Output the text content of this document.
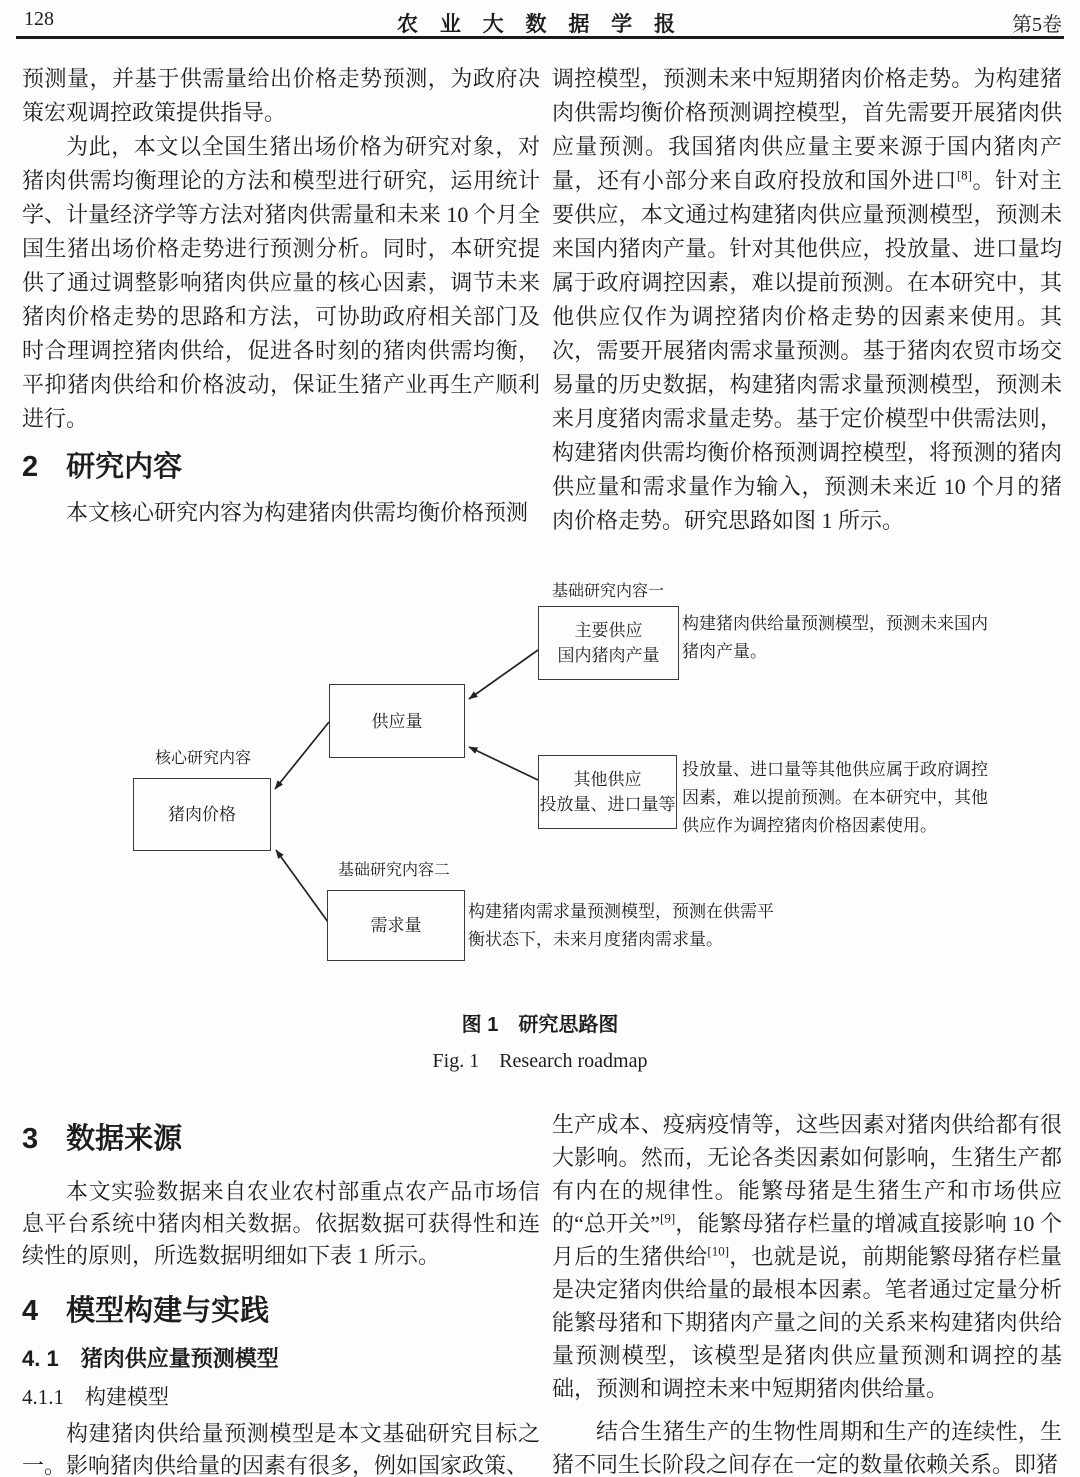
128	农 业 大 数 据 学 报	第5卷

预测量，并基于供需量给出价格走势预测，为政府决策宏观调控政策提供指导。

为此，本文以全国生猪出场价格为研究对象，对猪肉供需均衡理论的方法和模型进行研究，运用统计学、计量经济学等方法对猪肉供需量和未来 10 个月全国生猪出场价格走势进行预测分析。同时，本研究提供了通过调整影响猪肉供应量的核心因素，调节未来猪肉价格走势的思路和方法，可协助政府相关部门及时合理调控猪肉供给，促进各时刻的猪肉供需均衡，平抑猪肉供给和价格波动，保证生猪产业再生产顺利进行。

2 研究内容

本文核心研究内容为构建猪肉供需均衡价格预测

调控模型，预测未来中短期猪肉价格走势。为构建猪肉供需均衡价格预测调控模型，首先需要开展猪肉供应量预测。我国猪肉供应量主要来源于国内猪肉产量，还有小部分来自政府投放和国外进口[8]。针对主要供应，本文通过构建猪肉供应量预测模型，预测未来国内猪肉产量。针对其他供应，投放量、进口量均属于政府调控因素，难以提前预测。在本研究中，其他供应仅作为调控猪肉价格走势的因素来使用。其次，需要开展猪肉需求量预测。基于猪肉农贸市场交易量的历史数据，构建猪肉需求量预测模型，预测未来月度猪肉需求量走势。基于定价模型中供需法则，构建猪肉供需均衡价格预测调控模型，将预测的猪肉供应量和需求量作为输入，预测未来近 10 个月的猪肉价格走势。研究思路如图 1 所示。

基础研究内容一
主要供应
国内猪肉产量
构建猪肉供给量预测模型，预测未来国内猪肉产量。
供应量
核心研究内容
猪肉价格
其他供应
投放量、进口量等
投放量、进口量等其他供应属于政府调控因素，难以提前预测。在本研究中，其他供应作为调控猪肉价格因素使用。
基础研究内容二
需求量
构建猪肉需求量预测模型，预测在供需平衡状态下，未来月度猪肉需求量。
图 1　研究思路图
Fig. 1　Research roadmap
3 数据来源

本文实验数据来自农业农村部重点农产品市场信息平台系统中猪肉相关数据。依据数据可获得性和连续性的原则，所选数据明细如下表 1 所示。

4 模型构建与实践
4. 1　猪肉供应量预测模型
4.1.1　构建模型

构建猪肉供给量预测模型是本文基础研究目标之一。影响猪肉供给量的因素有很多，例如国家政策、

生产成本、疫病疫情等，这些因素对猪肉供给都有很大影响。然而，无论各类因素如何影响，生猪生产都有内在的规律性。能繁母猪是生猪生产和市场供应的“总开关”[9]，能繁母猪存栏量的增减直接影响 10 个月后的生猪供给[10]，也就是说，前期能繁母猪存栏量是决定猪肉供给量的最根本因素。笔者通过定量分析能繁母猪和下期猪肉产量之间的关系来构建猪肉供给量预测模型，该模型是猪肉供应量预测和调控的基础，预测和调控未来中短期猪肉供给量。

结合生猪生产的生物性周期和生产的连续性，生猪不同生长阶段之间存在一定的数量依赖关系。即猪
